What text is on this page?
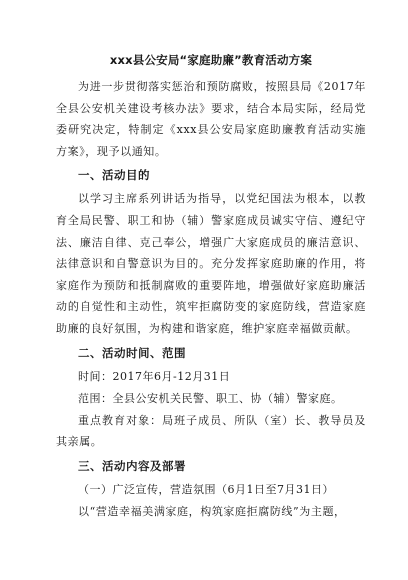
xxx县公安局“家庭助廉”教育活动方案

为进一步贯彻落实惩治和预防腐败，按照县局《2017年全县公安机关建设考核办法》要求，结合本局实际，经局党委研究决定，特制定《xxx县公安局家庭助廉教育活动实施方案》，现予以通知。

一、活动目的

以学习主席系列讲话为指导，以党纪国法为根本，以教育全局民警、职工和协（辅）警家庭成员诚实守信、遵纪守法、廉洁自律、克己奉公，增强广大家庭成员的廉洁意识、法律意识和自警意识为目的。充分发挥家庭助廉的作用，将家庭作为预防和抵制腐败的重要阵地，增强做好家庭助廉活动的自觉性和主动性，筑牢拒腐防变的家庭防线，营造家庭助廉的良好氛围，为构建和谐家庭，维护家庭幸福做贡献。

二、活动时间、范围
时间：2017年6月-12月31日
范围：全县公安机关民警、职工、协（辅）警家庭。

重点教育对象：局班子成员、所队（室）长、教导员及其亲属。

三、活动内容及部署
（一）广泛宣传，营造氛围（6月1日至7月31日）

以“营造幸福美满家庭，构筑家庭拒腐防线”为主题，
